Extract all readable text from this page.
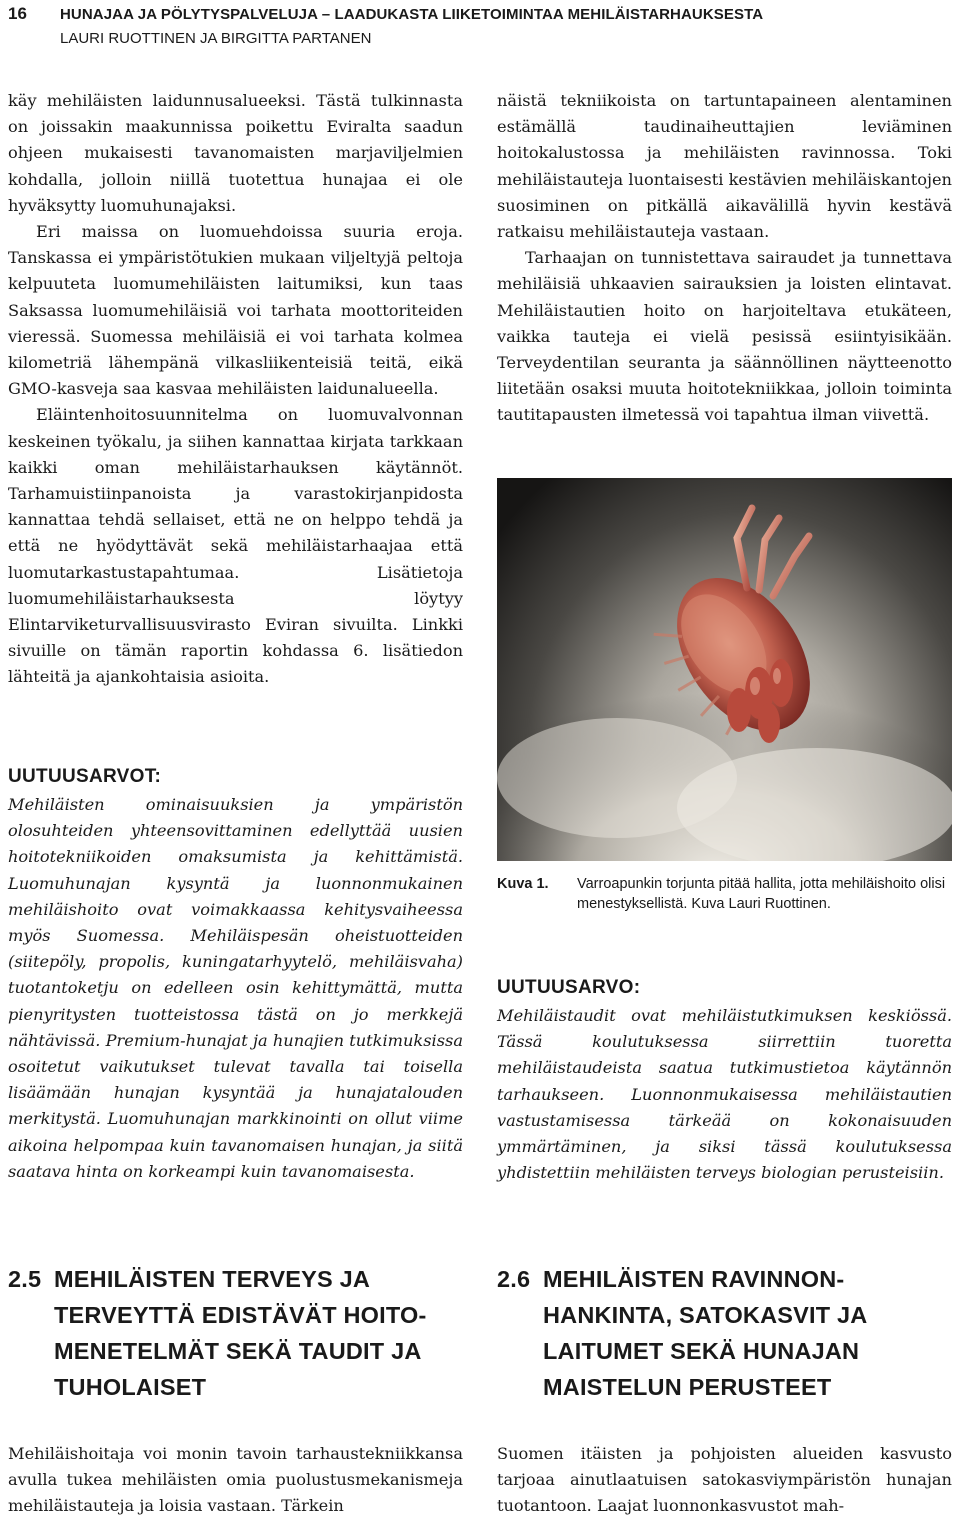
16 HUNAJAA JA PÖLYTYSPALVELUJA – LAADUKASTA LIIKETOIMINTAA MEHILÄISTARHAUKSESTA
LAURI RUOTTINEN JA BIRGITTA PARTANEN

käy mehiläisten laidunnusalueeksi. Tästä tulkinnasta on joissakin maakunnissa poikettu Eviralta saadun ohjeen mukaisesti tavanomaisten marjaviljelmien kohdalla, jolloin niillä tuotettua hunajaa ei ole hyväksytty luomuhunajaksi.

Eri maissa on luomuehdoissa suuria eroja. Tanskassa ei ympäristötukien mukaan viljeltyjä peltoja kelpuuteta luomumehiläisten laitumiksi, kun taas Saksassa luomumehiläisiä voi tarhata moottoriteiden vieressä. Suomessa mehiläisiä ei voi tarhata kolmea kilometriä lähempänä vilkasliikenteisiä teitä, eikä GMO-kasveja saa kasvaa mehiläisten laidunalueella.

Eläintenhoitosuunnitelma on luomuvalvonnan keskeinen työkalu, ja siihen kannattaa kirjata tarkkaan kaikki oman mehiläistarhauksen käytännöt. Tarhamuistiinpanoista ja varastokirjanpidosta kannattaa tehdä sellaiset, että ne on helppo tehdä ja että ne hyödyttävät sekä mehiläistarhaajaa että luomutarkastustapahtumaa. Lisätietoja luomumehiläistarhauksesta löytyy Elintarviketurvallisuusvirasto Eviran sivuilta. Linkki sivuille on tämän raportin kohdassa 6. lisätiedon lähteitä ja ajankohtaisia asioita.

UUTUUSARVOT:

Mehiläisten ominaisuuksien ja ympäristön olosuhteiden yhteensovittaminen edellyttää uusien hoitotekniikoiden omaksumista ja kehittämistä. Luomuhunajan kysyntä ja luonnonmukainen mehiläishoito ovat voimakkaassa kehitysvaiheessa myös Suomessa. Mehiläispesän oheistuotteiden (siitepöly, propolis, kuningatarhyytelö, mehiläisvaha) tuotantoketju on edelleen osin kehittymättä, mutta pienyritysten tuotteistossa tästä on jo merkkejä nähtävissä. Premium-hunajat ja hunajien tutkimuksissa osoitetut vaikutukset tulevat tavalla tai toisella lisäämään hunajan kysyntää ja hunajatalouden merkitystä. Luomuhunajan markkinointi on ollut viime aikoina helpompaa kuin tavanomaisen hunajan, ja siitä saatava hinta on korkeampi kuin tavanomaisesta.

2.5 MEHILÄISTEN TERVEYS JA
TERVEYTTÄ EDISTÄVÄT HOITO-
MENETELMÄT SEKÄ TAUDIT JA
TUHOLAISET

Mehiläishoitaja voi monin tavoin tarhaustekniikkansa avulla tukea mehiläisten omia puolustusmekanismeja mehiläistauteja ja loisia vastaan. Tärkein

näistä tekniikoista on tartuntapaineen alentaminen estämällä taudinaiheuttajien leviäminen hoitokalustossa ja mehiläisten ravinnossa. Toki mehiläistauteja luontaisesti kestävien mehiläiskantojen suosiminen on pitkällä aikavälillä hyvin kestävä ratkaisu mehiläistauteja vastaan.

Tarhaajan on tunnistettava sairaudet ja tunnettava mehiläisiä uhkaavien sairauksien ja loisten elintavat. Mehiläistautien hoito on harjoiteltava etukäteen, vaikka tauteja ei vielä pesissä esiintyisikään. Terveydentilan seuranta ja säännöllinen näytteenotto liitetään osaksi muuta hoitotekniikkaa, jolloin toiminta tautitapausten ilmetessä voi tapahtua ilman viivettä.

Kuva 1. Varroapunkin torjunta pitää hallita, jotta mehiläishoito olisi menestyksellistä. Kuva Lauri Ruottinen.
UUTUUSARVO:

Mehiläistaudit ovat mehiläistutkimuksen keskiössä. Tässä koulutuksessa siirrettiin tuoretta mehiläistaudeista saatua tutkimustietoa käytännön tarhaukseen. Luonnonmukaisessa mehiläistautien vastustamisessa tärkeää on kokonaisuuden ymmärtäminen, ja siksi tässä koulutuksessa yhdistettiin mehiläisten terveys biologian perusteisiin.

2.6 MEHILÄISTEN RAVINNON-
HANKINTA, SATOKASVIT JA
LAITUMET SEKÄ HUNAJAN
MAISTELUN PERUSTEET

Suomen itäisten ja pohjoisten alueiden kasvusto tarjoaa ainutlaatuisen satokasviympäristön hunajan tuotantoon. Laajat luonnonkasvustot mah-
